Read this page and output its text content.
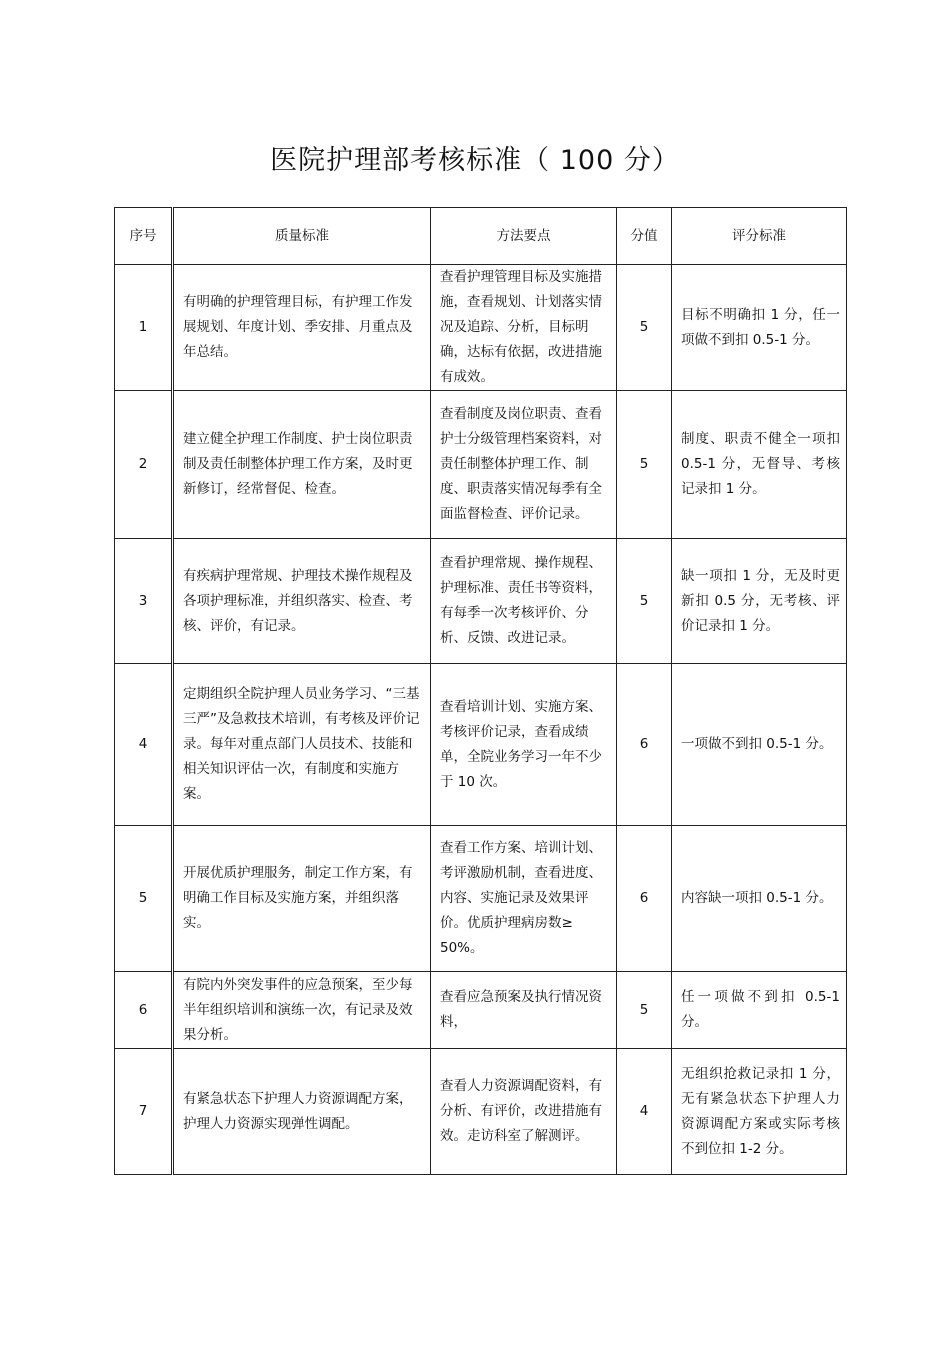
医院护理部考核标准（ 100 分）
序号	质量标准	方法要点	分值	评分标准
1	有明确的护理管理目标，有护理工作发展规划、年度计划、季安排、月重点及年总结。	查看护理管理目标及实施措施，查看规划、计划落实情况及追踪、分析，目标明确，达标有依据，改进措施有成效。	5	目标不明确扣 1 分，任一项做不到扣 0.5-1 分。
2	建立健全护理工作制度、护士岗位职责制及责任制整体护理工作方案，及时更新修订，经常督促、检查。	查看制度及岗位职责、查看护士分级管理档案资料，对责任制整体护理工作、制度、职责落实情况每季有全面监督检查、评价记录。	5	制度、职责不健全一项扣 0.5-1 分，无督导、考核记录扣 1 分。
3	有疾病护理常规、护理技术操作规程及各项护理标准，并组织落实、检查、考核、评价，有记录。	查看护理常规、操作规程、护理标准、责任书等资料，有每季一次考核评价、分析、反馈、改进记录。	5	缺一项扣 1 分，无及时更新扣 0.5 分，无考核、评价记录扣 1 分。
4	定期组织全院护理人员业务学习、“三基三严”及急救技术培训，有考核及评价记录。每年对重点部门人员技术、技能和相关知识评估一次，有制度和实施方案。	查看培训计划、实施方案、考核评价记录，查看成绩单，全院业务学习一年不少于 10 次。	6	一项做不到扣 0.5-1 分。
5	开展优质护理服务，制定工作方案，有明确工作目标及实施方案，并组织落实。	查看工作方案、培训计划、考评激励机制，查看进度、内容、实施记录及效果评价。优质护理病房数≥ 50%。	6	内容缺一项扣 0.5-1 分。
6	有院内外突发事件的应急预案，至少每半年组织培训和演练一次，有记录及效果分析。	查看应急预案及执行情况资料，	5	任一项做不到扣 0.5-1 分。
7	有紧急状态下护理人力资源调配方案，护理人力资源实现弹性调配。	查看人力资源调配资料，有分析、有评价，改进措施有效。走访科室了解测评。	4	无组织抢救记录扣 1 分，无有紧急状态下护理人力资源调配方案或实际考核不到位扣 1-2 分。
